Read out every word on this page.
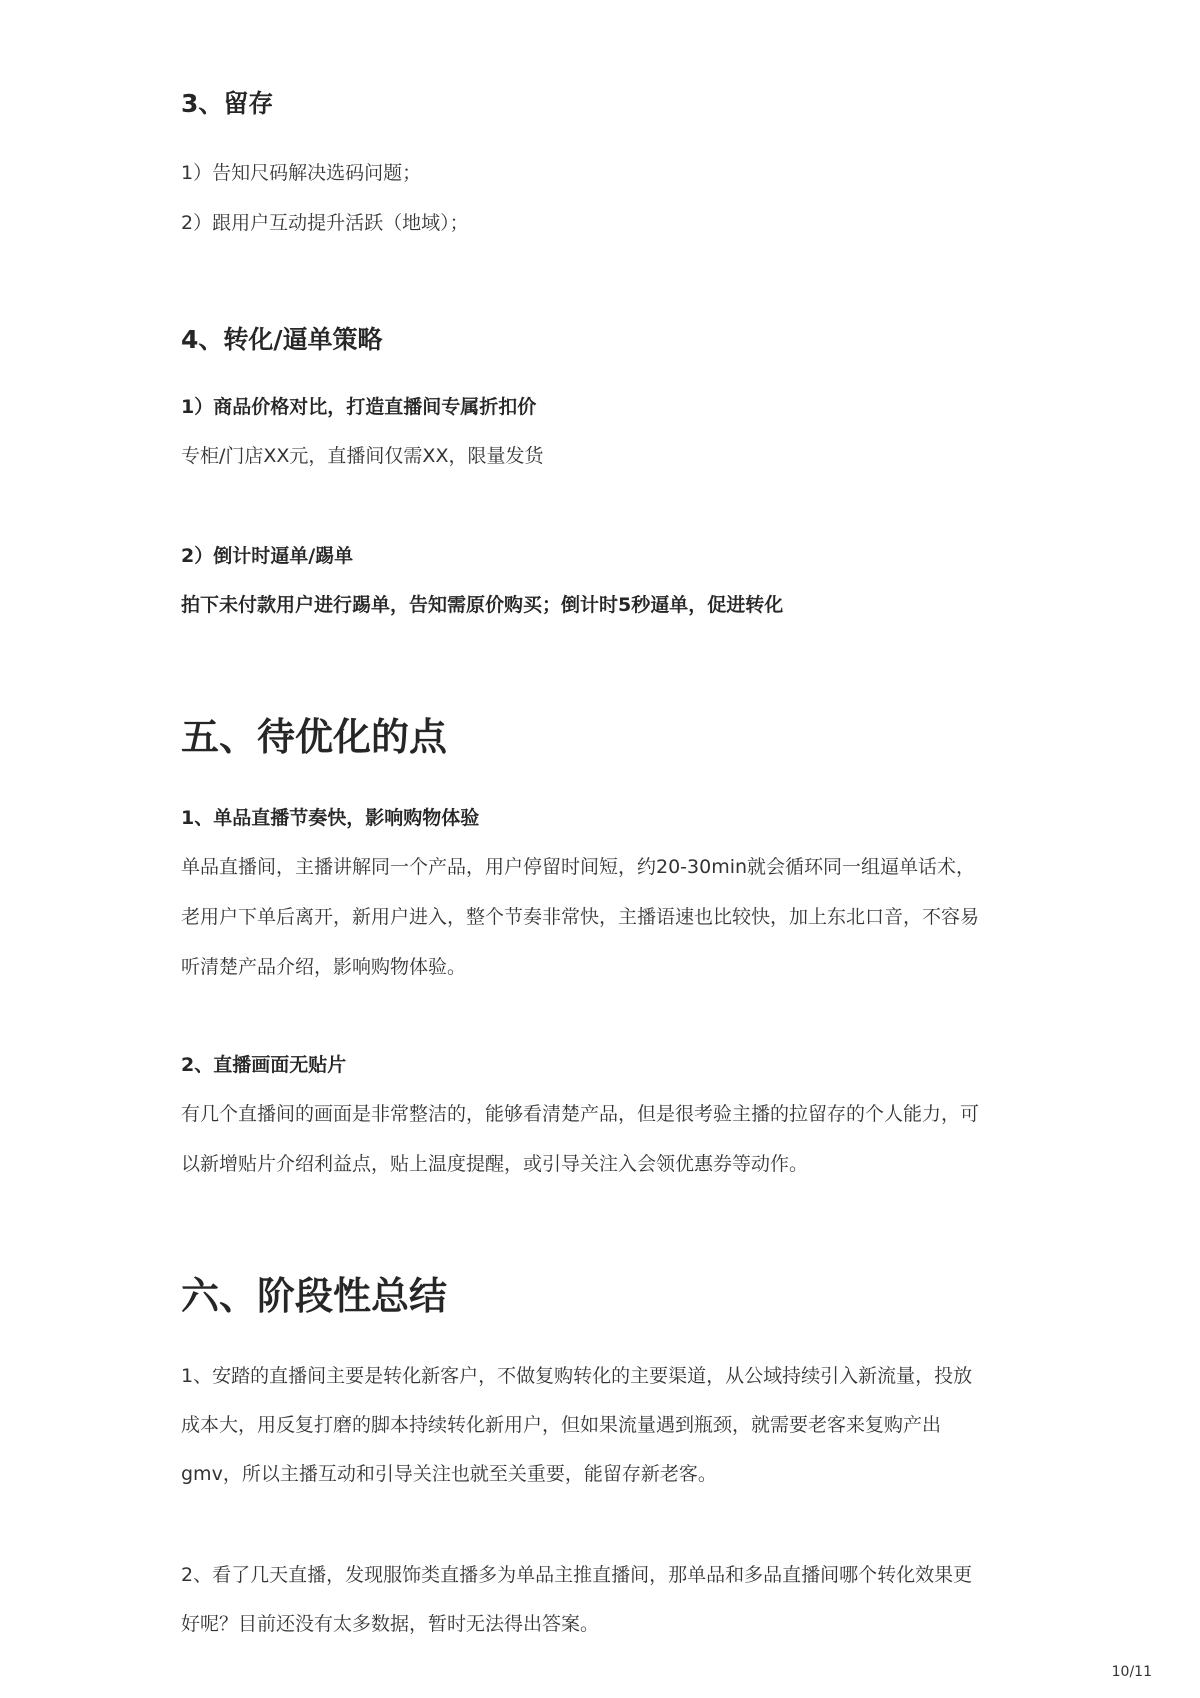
3、留存
1）告知尺码解决选码问题；
2）跟用户互动提升活跃（地域）；
4、转化/逼单策略
1）商品价格对比，打造直播间专属折扣价
专柜/门店XX元，直播间仅需XX，限量发货
2）倒计时逼单/踢单
拍下未付款用户进行踢单，告知需原价购买；倒计时5秒逼单，促进转化
五、待优化的点
1、单品直播节奏快，影响购物体验
单品直播间，主播讲解同一个产品，用户停留时间短，约20-30min就会循环同一组逼单话术，
老用户下单后离开，新用户进入，整个节奏非常快，主播语速也比较快，加上东北口音，不容易
听清楚产品介绍，影响购物体验。
2、直播画面无贴片
有几个直播间的画面是非常整洁的，能够看清楚产品，但是很考验主播的拉留存的个人能力，可
以新增贴片介绍利益点，贴上温度提醒，或引导关注入会领优惠券等动作。
六、阶段性总结
1、安踏的直播间主要是转化新客户，不做复购转化的主要渠道，从公域持续引入新流量，投放
成本大，用反复打磨的脚本持续转化新用户，但如果流量遇到瓶颈，就需要老客来复购产出
gmv，所以主播互动和引导关注也就至关重要，能留存新老客。
2、看了几天直播，发现服饰类直播多为单品主推直播间，那单品和多品直播间哪个转化效果更
好呢？目前还没有太多数据，暂时无法得出答案。
10/11
